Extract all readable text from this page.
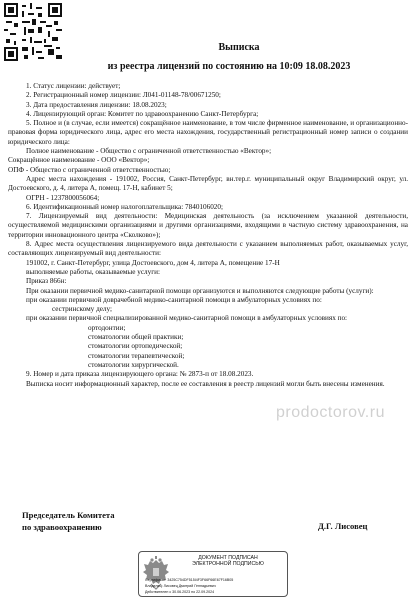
Выписка
из реестра лицензий по состоянию на 10:09 18.08.2023

1. Статус лицензии: действует;

2. Регистрационный номер лицензии: Л041-01148-78/00671250;

3. Дата предоставления лицензии: 18.08.2023;

4. Лицензирующий орган: Комитет по здравоохранению Санкт-Петербурга;

5. Полное и (в случае, если имеется) сокращённое наименование, в том числе фирменное наименование, и организационно-правовая форма юридического лица, адрес его места нахождения, государственный регистрационный номер записи о создании юридического лица:

Полное наименование - Общество с ограниченной ответственностью «Вектор»;

Сокращённое наименование - ООО «Вектор»;

ОПФ - Общество с ограниченной ответственностью;

Адрес места нахождения - 191002, Россия, Санкт-Петербург, вн.тер.г. муниципальный округ Владимирский округ, ул. Достоевского, д. 4, литера А, помещ. 17-Н, кабинет 5;

ОГРН - 1237800056064;

6. Идентификационный номер налогоплательщика: 7840106020;

7. Лицензируемый вид деятельности: Медицинская деятельность (за исключением указанной деятельности, осуществляемой медицинскими организациями и другими организациями, входящими в частную систему здравоохранения, на территории инновационного центра «Сколково»);

8. Адрес места осуществления лицензируемого вида деятельности с указанием выполняемых работ, оказываемых услуг, составляющих лицензируемый вид деятельности:

191002, г. Санкт-Петербург, улица Достоевского, дом 4, литера А, помещение 17-Н

выполняемые работы, оказываемые услуги:

Приказ 866н:

При оказании первичной медико-санитарной помощи организуются и выполняются следующие работы (услуги):

при оказании первичной доврачебной медико-санитарной помощи в амбулаторных условиях по:

сестринскому делу;

при оказании первичной специализированной медико-санитарной помощи в амбулаторных условиях по:

ортодонтии;

стоматологии общей практики;

стоматологии ортопедической;

стоматологии терапевтической;

стоматологии хирургической.

9. Номер и дата приказа лицензирующего органа: № 2873-п от 18.08.2023.

Выписка носит информационный характер, после ее составления в реестр лицензий могли быть внесены изменения.

prodoctorov.ru
Председатель Комитета
по здравоохранению	Д.Г. Лисовец
ДОКУМЕНТ ПОДПИСАН
ЭЛЕКТРОННОЙ ПОДПИСЬЮ
Сертификат: 3425C754DF515I4F3F66F66E67F16B05
Владелец: Лисовец Дмитрий Геннадьевич
Действителен с 30.06.2023 по 22.09.2024
